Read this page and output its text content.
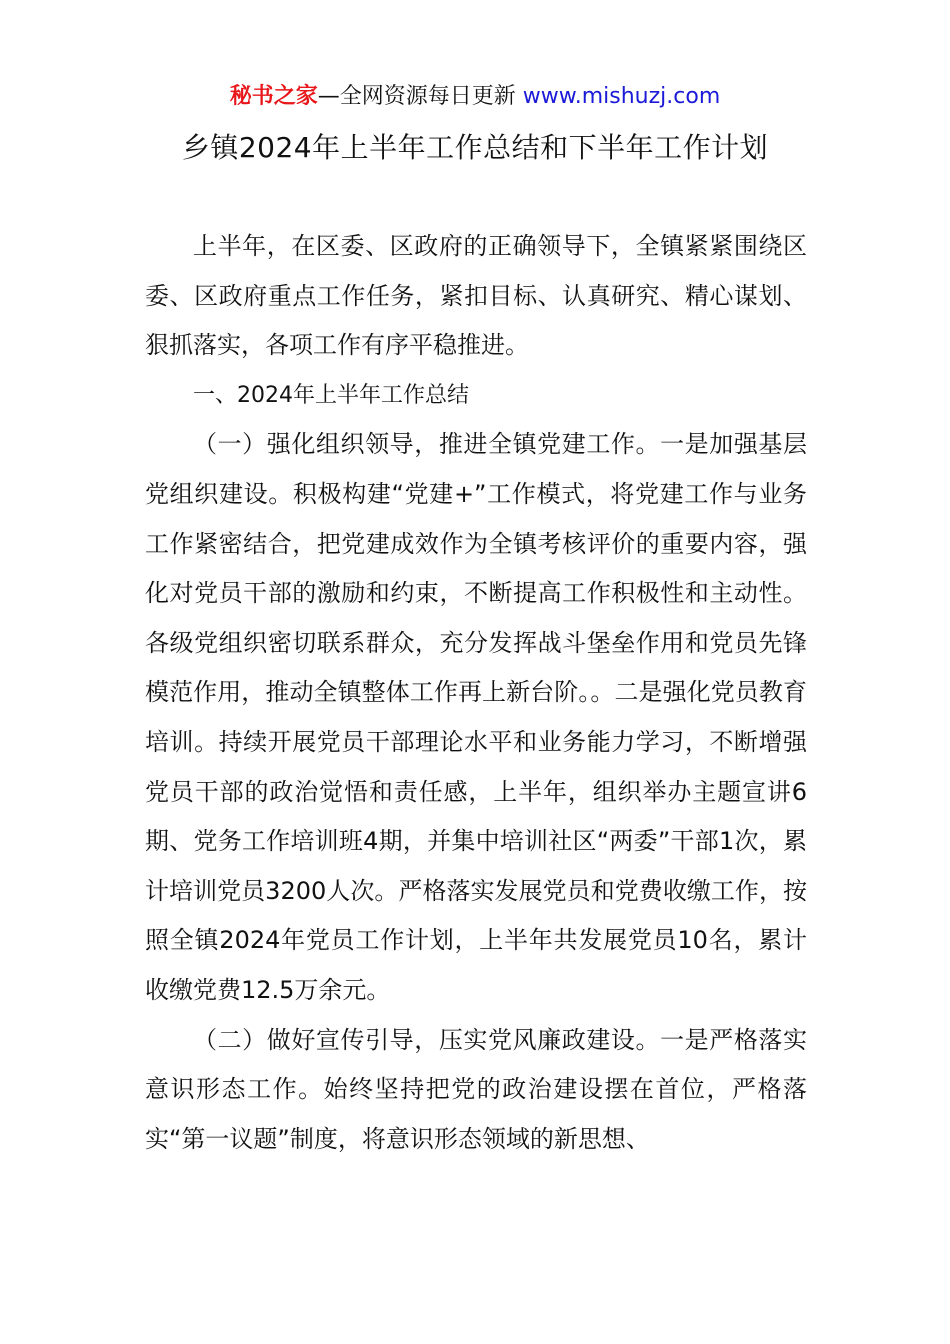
秘书之家—全网资源每日更新 www.mishuzj.com
乡镇2024年上半年工作总结和下半年工作计划

上半年，在区委、区政府的正确领导下，全镇紧紧围绕区委、区政府重点工作任务，紧扣目标、认真研究、精心谋划、狠抓落实，各项工作有序平稳推进。

一、2024年上半年工作总结

（一）强化组织领导，推进全镇党建工作。一是加强基层党组织建设。积极构建“党建+”工作模式，将党建工作与业务工作紧密结合，把党建成效作为全镇考核评价的重要内容，强化对党员干部的激励和约束，不断提高工作积极性和主动性。各级党组织密切联系群众，充分发挥战斗堡垒作用和党员先锋模范作用，推动全镇整体工作再上新台阶。。二是强化党员教育培训。持续开展党员干部理论水平和业务能力学习，不断增强党员干部的政治觉悟和责任感，上半年，组织举办主题宣讲6期、党务工作培训班4期，并集中培训社区“两委”干部1次，累计培训党员3200人次。严格落实发展党员和党费收缴工作，按照全镇2024年党员工作计划，上半年共发展党员10名，累计收缴党费12.5万余元。

（二）做好宣传引导，压实党风廉政建设。一是严格落实意识形态工作。始终坚持把党的政治建设摆在首位，严格落实“第一议题”制度，将意识形态领域的新思想、
